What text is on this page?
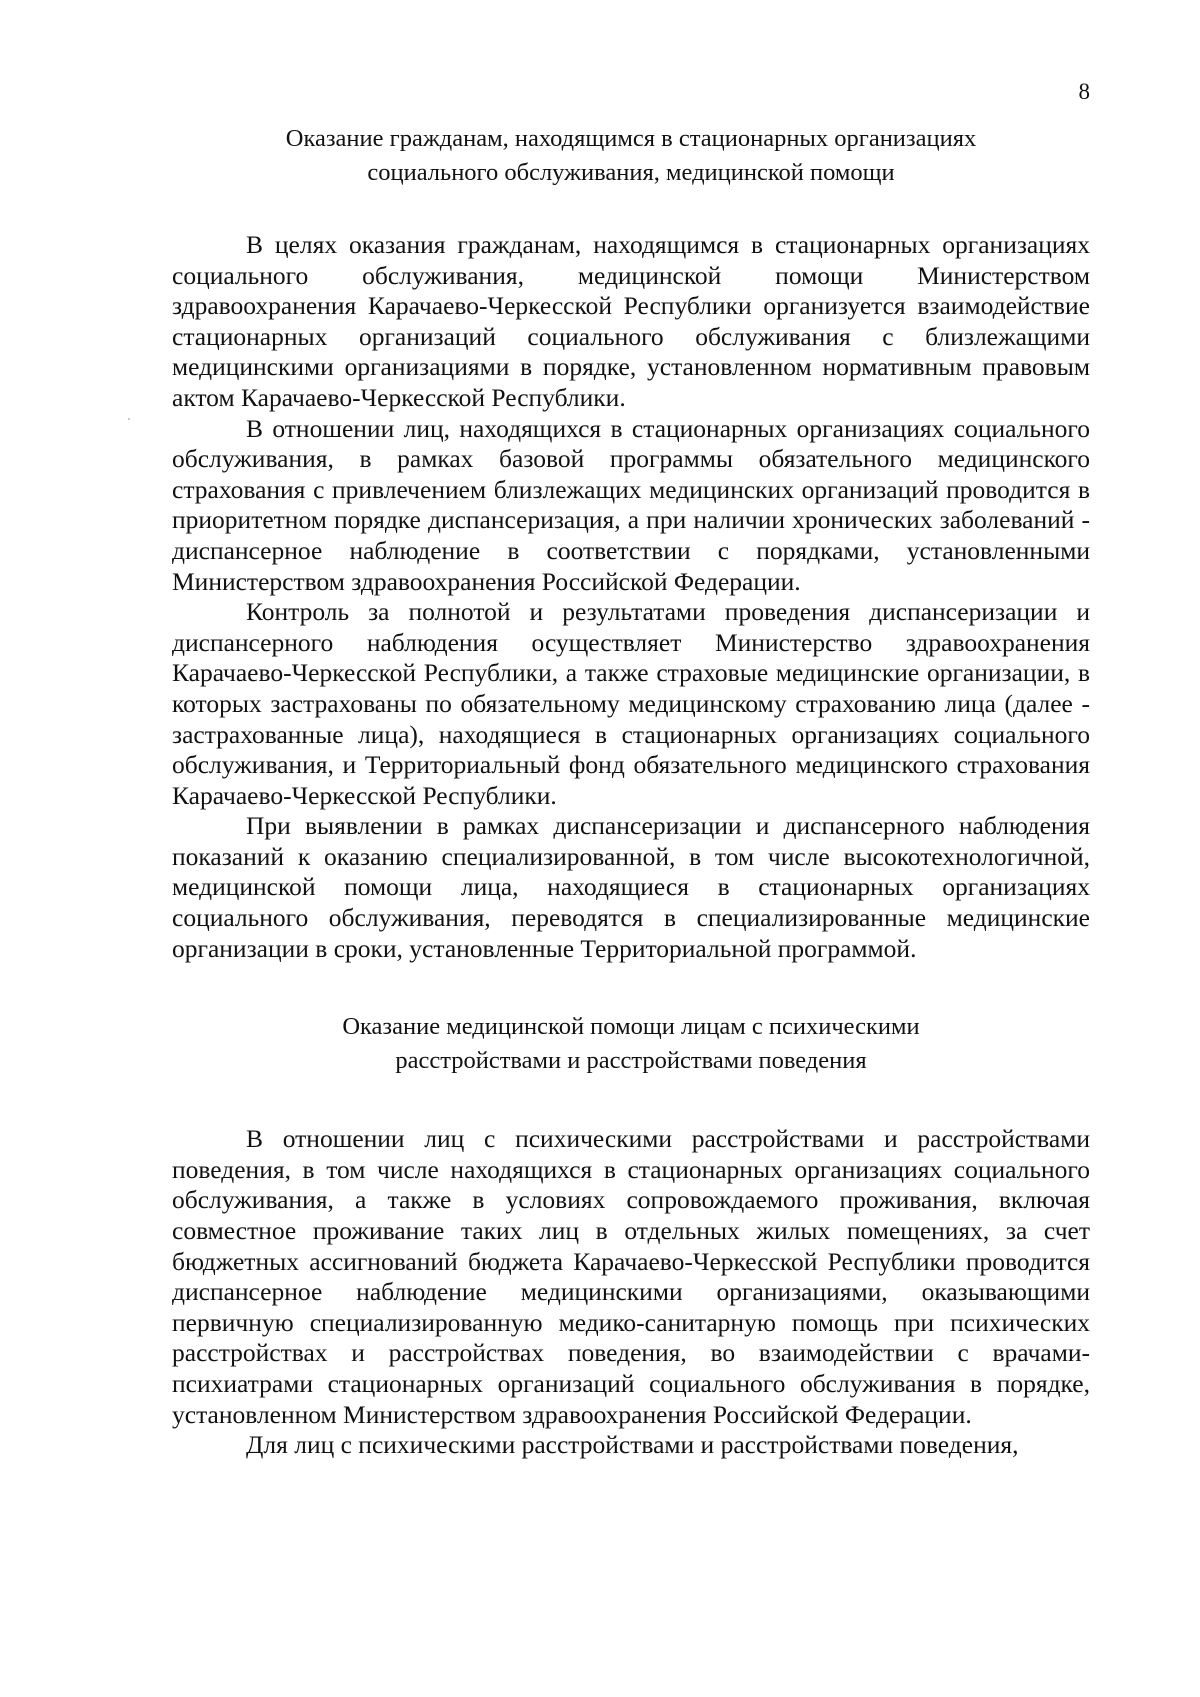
8
Оказание гражданам, находящимся в стационарных организациях
социального обслуживания, медицинской помощи

В целях оказания гражданам, находящимся в стационарных организациях социального обслуживания, медицинской помощи Министерством здравоохранения Карачаево-Черкесской Республики организуется взаимодействие стационарных организаций социального обслуживания с близлежащими медицинскими организациями в порядке, установленном нормативным правовым актом Карачаево-Черкесской Республики.

В отношении лиц, находящихся в стационарных организациях социального обслуживания, в рамках базовой программы обязательного медицинского страхования с привлечением близлежащих медицинских организаций проводится в приоритетном порядке диспансеризация, а при наличии хронических заболеваний - диспансерное наблюдение в соответствии с порядками, установленными Министерством здравоохранения Российской Федерации.

Контроль за полнотой и результатами проведения диспансеризации и диспансерного наблюдения осуществляет Министерство здравоохранения Карачаево-Черкесской Республики, а также страховые медицинские организации, в которых застрахованы по обязательному медицинскому страхованию лица (далее - застрахованные лица), находящиеся в стационарных организациях социального обслуживания, и Территориальный фонд обязательного медицинского страхования Карачаево-Черкесской Республики.

При выявлении в рамках диспансеризации и диспансерного наблюдения показаний к оказанию специализированной, в том числе высокотехнологичной, медицинской помощи лица, находящиеся в стационарных организациях социального обслуживания, переводятся в специализированные медицинские организации в сроки, установленные Территориальной программой.

Оказание медицинской помощи лицам с психическими
расстройствами и расстройствами поведения

В отношении лиц с психическими расстройствами и расстройствами поведения, в том числе находящихся в стационарных организациях социального обслуживания, а также в условиях сопровождаемого проживания, включая совместное проживание таких лиц в отдельных жилых помещениях, за счет бюджетных ассигнований бюджета Карачаево-Черкесской Республики проводится диспансерное наблюдение медицинскими организациями, оказывающими первичную специализированную медико-санитарную помощь при психических расстройствах и расстройствах поведения, во взаимодействии с врачами-психиатрами стационарных организаций социального обслуживания в порядке, установленном Министерством здравоохранения Российской Федерации.

Для лиц с психическими расстройствами и расстройствами поведения,
